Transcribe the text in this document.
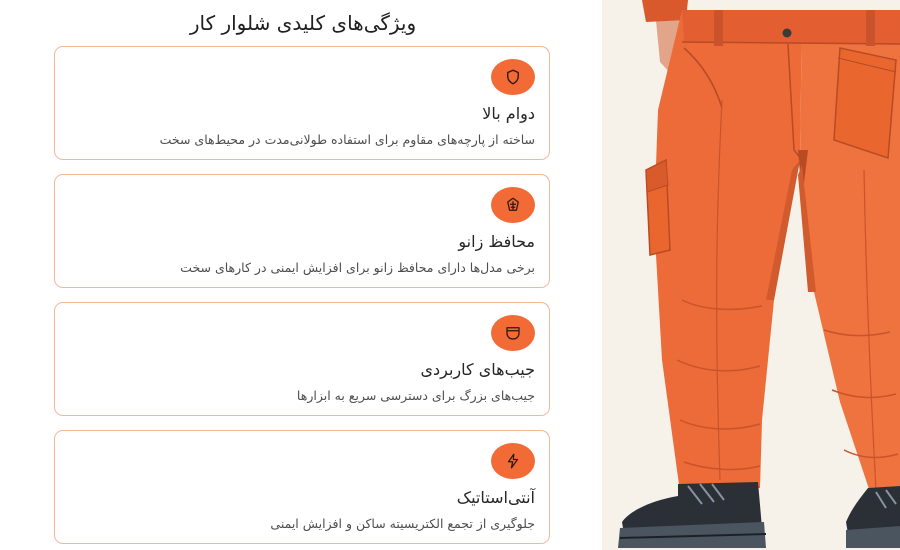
ویژگی‌های کلیدی شلوار کار
دوام بالا
ساخته از پارچه‌های مقاوم برای استفاده طولانی‌مدت در محیط‌های سخت
محافظ زانو
برخی مدل‌ها دارای محافظ زانو برای افزایش ایمنی در کارهای سخت
جیب‌های کاربردی
جیب‌های بزرگ برای دسترسی سریع به ابزارها
آنتی‌استاتیک
جلوگیری از تجمع الکتریسیته ساکن و افزایش ایمنی
